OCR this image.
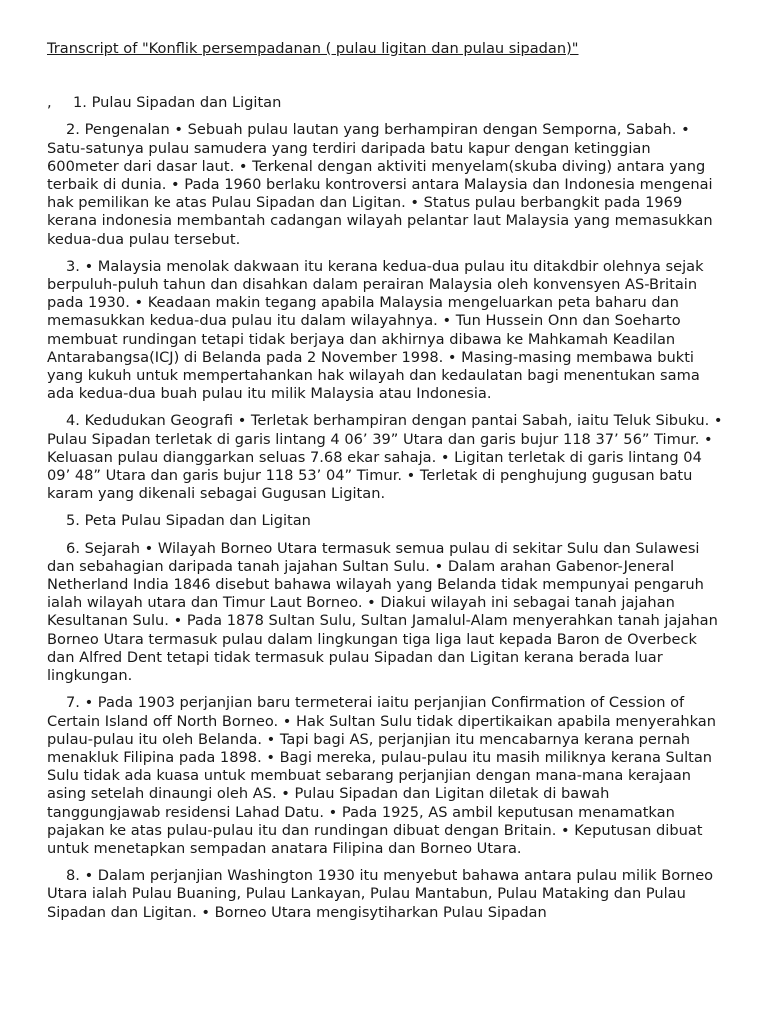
Transcript of "Konflik persempadanan ( pulau ligitan dan pulau sipadan)"

, 1. Pulau Sipadan dan Ligitan

2. Pengenalan • Sebuah pulau lautan yang berhampiran dengan Semporna, Sabah. • Satu-satunya pulau samudera yang terdiri daripada batu kapur dengan ketinggian 600meter dari dasar laut. • Terkenal dengan aktiviti menyelam(skuba diving) antara yang terbaik di dunia. • Pada 1960 berlaku kontroversi antara Malaysia dan Indonesia mengenai hak pemilikan ke atas Pulau Sipadan dan Ligitan. • Status pulau berbangkit pada 1969 kerana indonesia membantah cadangan wilayah pelantar laut Malaysia yang memasukkan kedua-dua pulau tersebut.

3. • Malaysia menolak dakwaan itu kerana kedua-dua pulau itu ditakdbir olehnya sejak berpuluh-puluh tahun dan disahkan dalam perairan Malaysia oleh konvensyen AS-Britain pada 1930. • Keadaan makin tegang apabila Malaysia mengeluarkan peta baharu dan memasukkan kedua-dua pulau itu dalam wilayahnya. • Tun Hussein Onn dan Soeharto membuat rundingan tetapi tidak berjaya dan akhirnya dibawa ke Mahkamah Keadilan Antarabangsa(ICJ) di Belanda pada 2 November 1998. • Masing-masing membawa bukti yang kukuh untuk mempertahankan hak wilayah dan kedaulatan bagi menentukan sama ada kedua-dua buah pulau itu milik Malaysia atau Indonesia.

4. Kedudukan Geografi • Terletak berhampiran dengan pantai Sabah, iaitu Teluk Sibuku. • Pulau Sipadan terletak di garis lintang 4 06’ 39” Utara dan garis bujur 118 37’ 56” Timur. • Keluasan pulau dianggarkan seluas 7.68 ekar sahaja. • Ligitan terletak di garis lintang 04 09’ 48” Utara dan garis bujur 118 53’ 04” Timur. • Terletak di penghujung gugusan batu karam yang dikenali sebagai Gugusan Ligitan.

5. Peta Pulau Sipadan dan Ligitan

6. Sejarah • Wilayah Borneo Utara termasuk semua pulau di sekitar Sulu dan Sulawesi dan sebahagian daripada tanah jajahan Sultan Sulu. • Dalam arahan Gabenor-Jeneral Netherland India 1846 disebut bahawa wilayah yang Belanda tidak mempunyai pengaruh ialah wilayah utara dan Timur Laut Borneo. • Diakui wilayah ini sebagai tanah jajahan Kesultanan Sulu. • Pada 1878 Sultan Sulu, Sultan Jamalul-Alam menyerahkan tanah jajahan Borneo Utara termasuk pulau dalam lingkungan tiga liga laut kepada Baron de Overbeck dan Alfred Dent tetapi tidak termasuk pulau Sipadan dan Ligitan kerana berada luar lingkungan.

7. • Pada 1903 perjanjian baru termeterai iaitu perjanjian Confirmation of Cession of Certain Island off North Borneo. • Hak Sultan Sulu tidak dipertikaikan apabila menyerahkan pulau-pulau itu oleh Belanda. • Tapi bagi AS, perjanjian itu mencabarnya kerana pernah menakluk Filipina pada 1898. • Bagi mereka, pulau-pulau itu masih miliknya kerana Sultan Sulu tidak ada kuasa untuk membuat sebarang perjanjian dengan mana-mana kerajaan asing setelah dinaungi oleh AS. • Pulau Sipadan dan Ligitan diletak di bawah tanggungjawab residensi Lahad Datu. • Pada 1925, AS ambil keputusan menamatkan pajakan ke atas pulau-pulau itu dan rundingan dibuat dengan Britain. • Keputusan dibuat untuk menetapkan sempadan anatara Filipina dan Borneo Utara.

8. • Dalam perjanjian Washington 1930 itu menyebut bahawa antara pulau milik Borneo Utara ialah Pulau Buaning, Pulau Lankayan, Pulau Mantabun, Pulau Mataking dan Pulau Sipadan dan Ligitan. • Borneo Utara mengisytiharkan Pulau Sipadan
